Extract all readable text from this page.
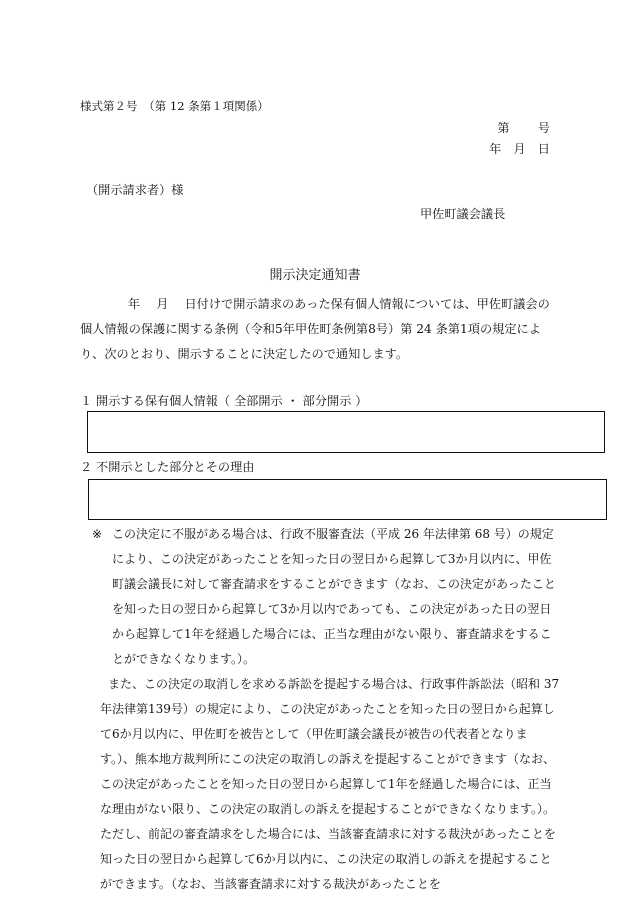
様式第２号　（第 12 条第１項関係）
第　　 号
年　月　日
（開示請求者）様
甲佐町議会議長
開示決定通知書

年　 月　 日付けで開示請求のあった保有個人情報については、甲佐町議会の個人情報の保護に関する条例（令和5年甲佐町条例第8号）第 24 条第1項の規定により、次のとおり、開示することに決定したので通知します。

１ 開示する保有個人情報（ 全部開示 ・ 部分開示 ）
２ 不開示とした部分とその理由

※ この決定に不服がある場合は、行政不服審査法（平成 26 年法律第 68 号）の規定により、この決定があったことを知った日の翌日から起算して3か月以内に、甲佐町議会議長に対して審査請求をすることができます（なお、この決定があったことを知った日の翌日から起算して3か月以内であっても、この決定があった日の翌日から起算して1年を経過した場合には、正当な理由がない限り、審査請求をすることができなくなります。）。

また、この決定の取消しを求める訴訟を提起する場合は、行政事件訴訟法（昭和 37 年法律第139号）の規定により、この決定があったことを知った日の翌日から起算して6か月以内に、甲佐町を被告として（甲佐町議会議長が被告の代表者となります。）、熊本地方裁判所にこの決定の取消しの訴えを提起することができます（なお、この決定があったことを知った日の翌日から起算して1年を経過した場合には、正当な理由がない限り、この決定の取消しの訴えを提起することができなくなります。）。ただし、前記の審査請求をした場合には、当該審査請求に対する裁決があったことを知った日の翌日から起算して6か月以内に、この決定の取消しの訴えを提起することができます。（なお、当該審査請求に対する裁決があったことを
